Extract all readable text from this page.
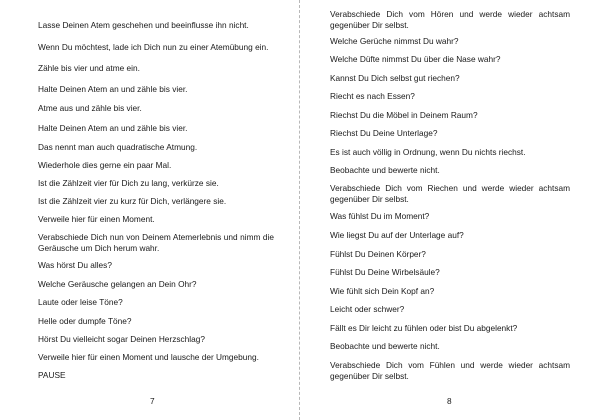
Lasse Deinen Atem geschehen und beeinflusse ihn nicht.
Wenn Du möchtest, lade ich Dich nun zu einer Atemübung ein.
Zähle bis vier und atme ein.
Halte Deinen Atem an und zähle bis vier.
Atme aus und zähle bis vier.
Halte Deinen Atem an und zähle bis vier.
Das nennt man auch quadratische Atmung.
Wiederhole dies gerne ein paar Mal.
Ist die Zählzeit vier für Dich zu lang, verkürze sie.
Ist die Zählzeit vier zu kurz für Dich, verlängere sie.
Verweile hier für einen Moment.
Verabschiede Dich nun von Deinem Atemerlebnis und nimm die Geräusche um Dich herum wahr.
Was hörst Du alles?
Welche Geräusche gelangen an Dein Ohr?
Laute oder leise Töne?
Helle oder dumpfe Töne?
Hörst Du vielleicht sogar Deinen Herzschlag?
Verweile hier für einen Moment und lausche der Umgebung.
PAUSE
7
Verabschiede Dich vom Hören und werde wieder achtsam gegenüber Dir selbst.
Welche Gerüche nimmst Du wahr?
Welche Düfte nimmst Du über die Nase wahr?
Kannst Du Dich selbst gut riechen?
Riecht es nach Essen?
Riechst Du die Möbel in Deinem Raum?
Riechst Du Deine Unterlage?
Es ist auch völlig in Ordnung, wenn Du nichts riechst.
Beobachte und bewerte nicht.
Verabschiede Dich vom Riechen und werde wieder achtsam gegenüber Dir selbst.
Was fühlst Du im Moment?
Wie liegst Du auf der Unterlage auf?
Fühlst Du Deinen Körper?
Fühlst Du Deine Wirbelsäule?
Wie fühlt sich Dein Kopf an?
Leicht oder schwer?
Fällt es Dir leicht zu fühlen oder bist Du abgelenkt?
Beobachte und bewerte nicht.
Verabschiede Dich vom Fühlen und werde wieder achtsam gegenüber Dir selbst.
8
